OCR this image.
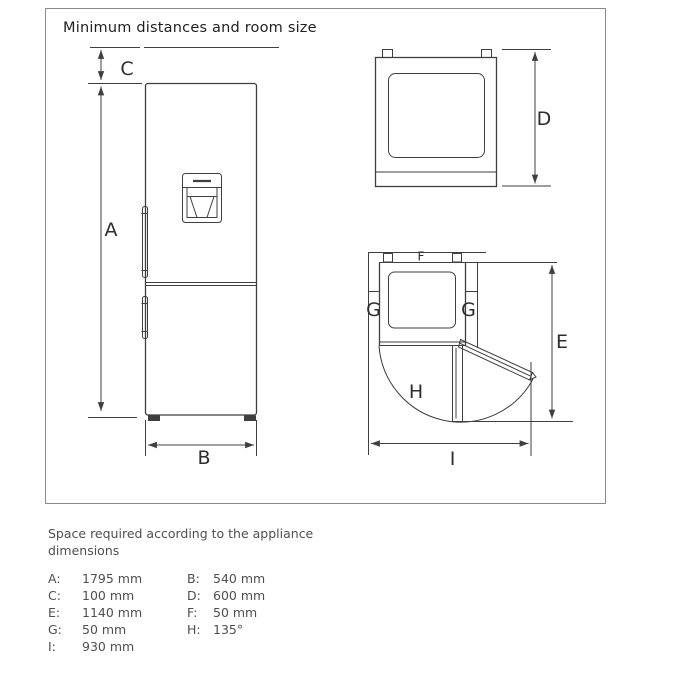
Minimum distances and room size
C
A
B
D
E
F
G	G
H
I

Space required according to the appliance
dimensions

A:	1795 mm	B:	540 mm
C:	100 mm	D: 600 mm
E:	1140 mm	F:	50 mm
G:	50 mm	H: 135°
I:	930 mm
